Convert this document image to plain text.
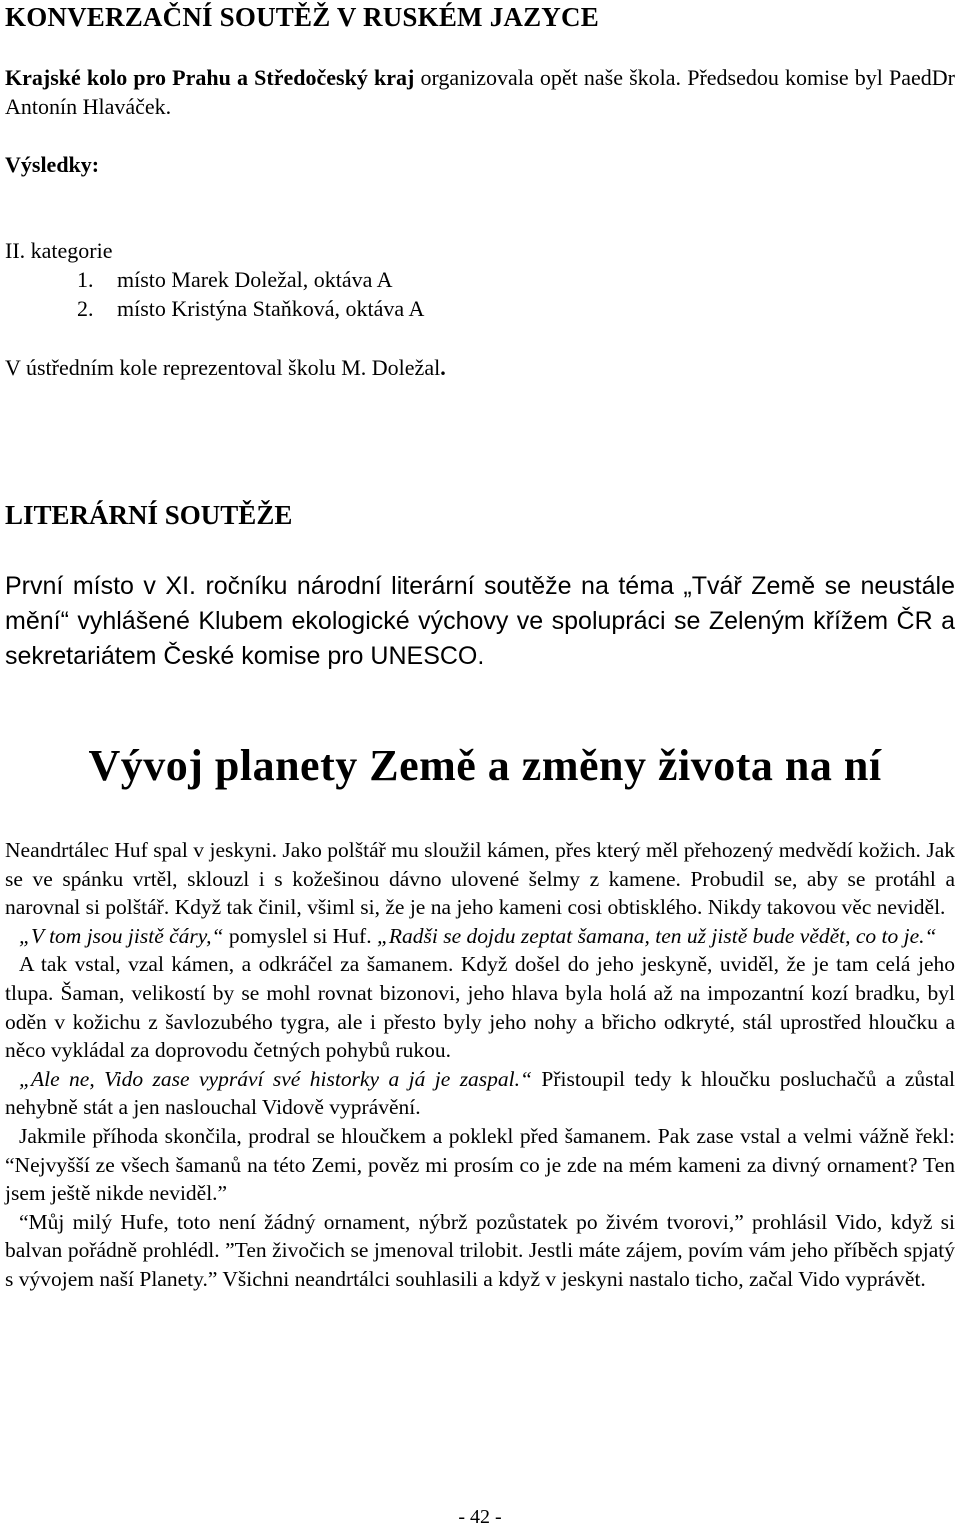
KONVERZAČNÍ SOUTĚŽ V RUSKÉM JAZYCE
Krajské kolo pro Prahu a Středočeský kraj organizovala opět naše škola. Předsedou komise byl PaedDr Antonín Hlaváček.
Výsledky:
II. kategorie
1. místo Marek Doležal, oktáva A
2. místo Kristýna Staňková, oktáva A
V ústředním kole reprezentoval školu M. Doležal.
LITERÁRNÍ SOUTĚŽE
První místo v XI. ročníku národní literární soutěže na téma „Tvář Země se neustále mění“ vyhlášené Klubem ekologické výchovy ve spolupráci se Zeleným křížem ČR a sekretariátem České komise pro UNESCO.
Vývoj planety Země a změny života na ní

Neandrtálec Huf spal v jeskyni. Jako polštář mu sloužil kámen, přes který měl přehozený medvědí kožich. Jak se ve spánku vrtěl, sklouzl i s kožešinou dávno ulovené šelmy z kamene. Probudil se, aby se protáhl a narovnal si polštář. Když tak činil, všiml si, že je na jeho kameni cosi obtisklého. Nikdy takovou věc neviděl.

„V tom jsou jistě čáry,“ pomyslel si Huf. „Radši se dojdu zeptat šamana, ten už jistě bude vědět, co to je.“

A tak vstal, vzal kámen, a odkráčel za šamanem. Když došel do jeho jeskyně, uviděl, že je tam celá jeho tlupa. Šaman, velikostí by se mohl rovnat bizonovi, jeho hlava byla holá až na impozantní kozí bradku, byl oděn v kožichu z šavlozubého tygra, ale i přesto byly jeho nohy a břicho odkryté, stál uprostřed hloučku a něco vykládal za doprovodu četných pohybů rukou.

„Ale ne, Vido zase vypráví své historky a já je zaspal.“ Přistoupil tedy k hloučku posluchačů a zůstal nehybně stát a jen naslouchal Vidově vyprávění.

Jakmile příhoda skončila, prodral se hloučkem a poklekl před šamanem. Pak zase vstal a velmi vážně řekl: “Nejvyšší ze všech šamanů na této Zemi, pověz mi prosím co je zde na mém kameni za divný ornament? Ten jsem ještě nikde neviděl.”

“Můj milý Hufe, toto není žádný ornament, nýbrž pozůstatek po živém tvorovi,” prohlásil Vido, když si balvan pořádně prohlédl. ”Ten živočich se jmenoval trilobit. Jestli máte zájem, povím vám jeho příběch spjatý s vývojem naší Planety.” Všichni neandrtálci souhlasili a když v jeskyni nastalo ticho, začal Vido vyprávět.

- 42 -
